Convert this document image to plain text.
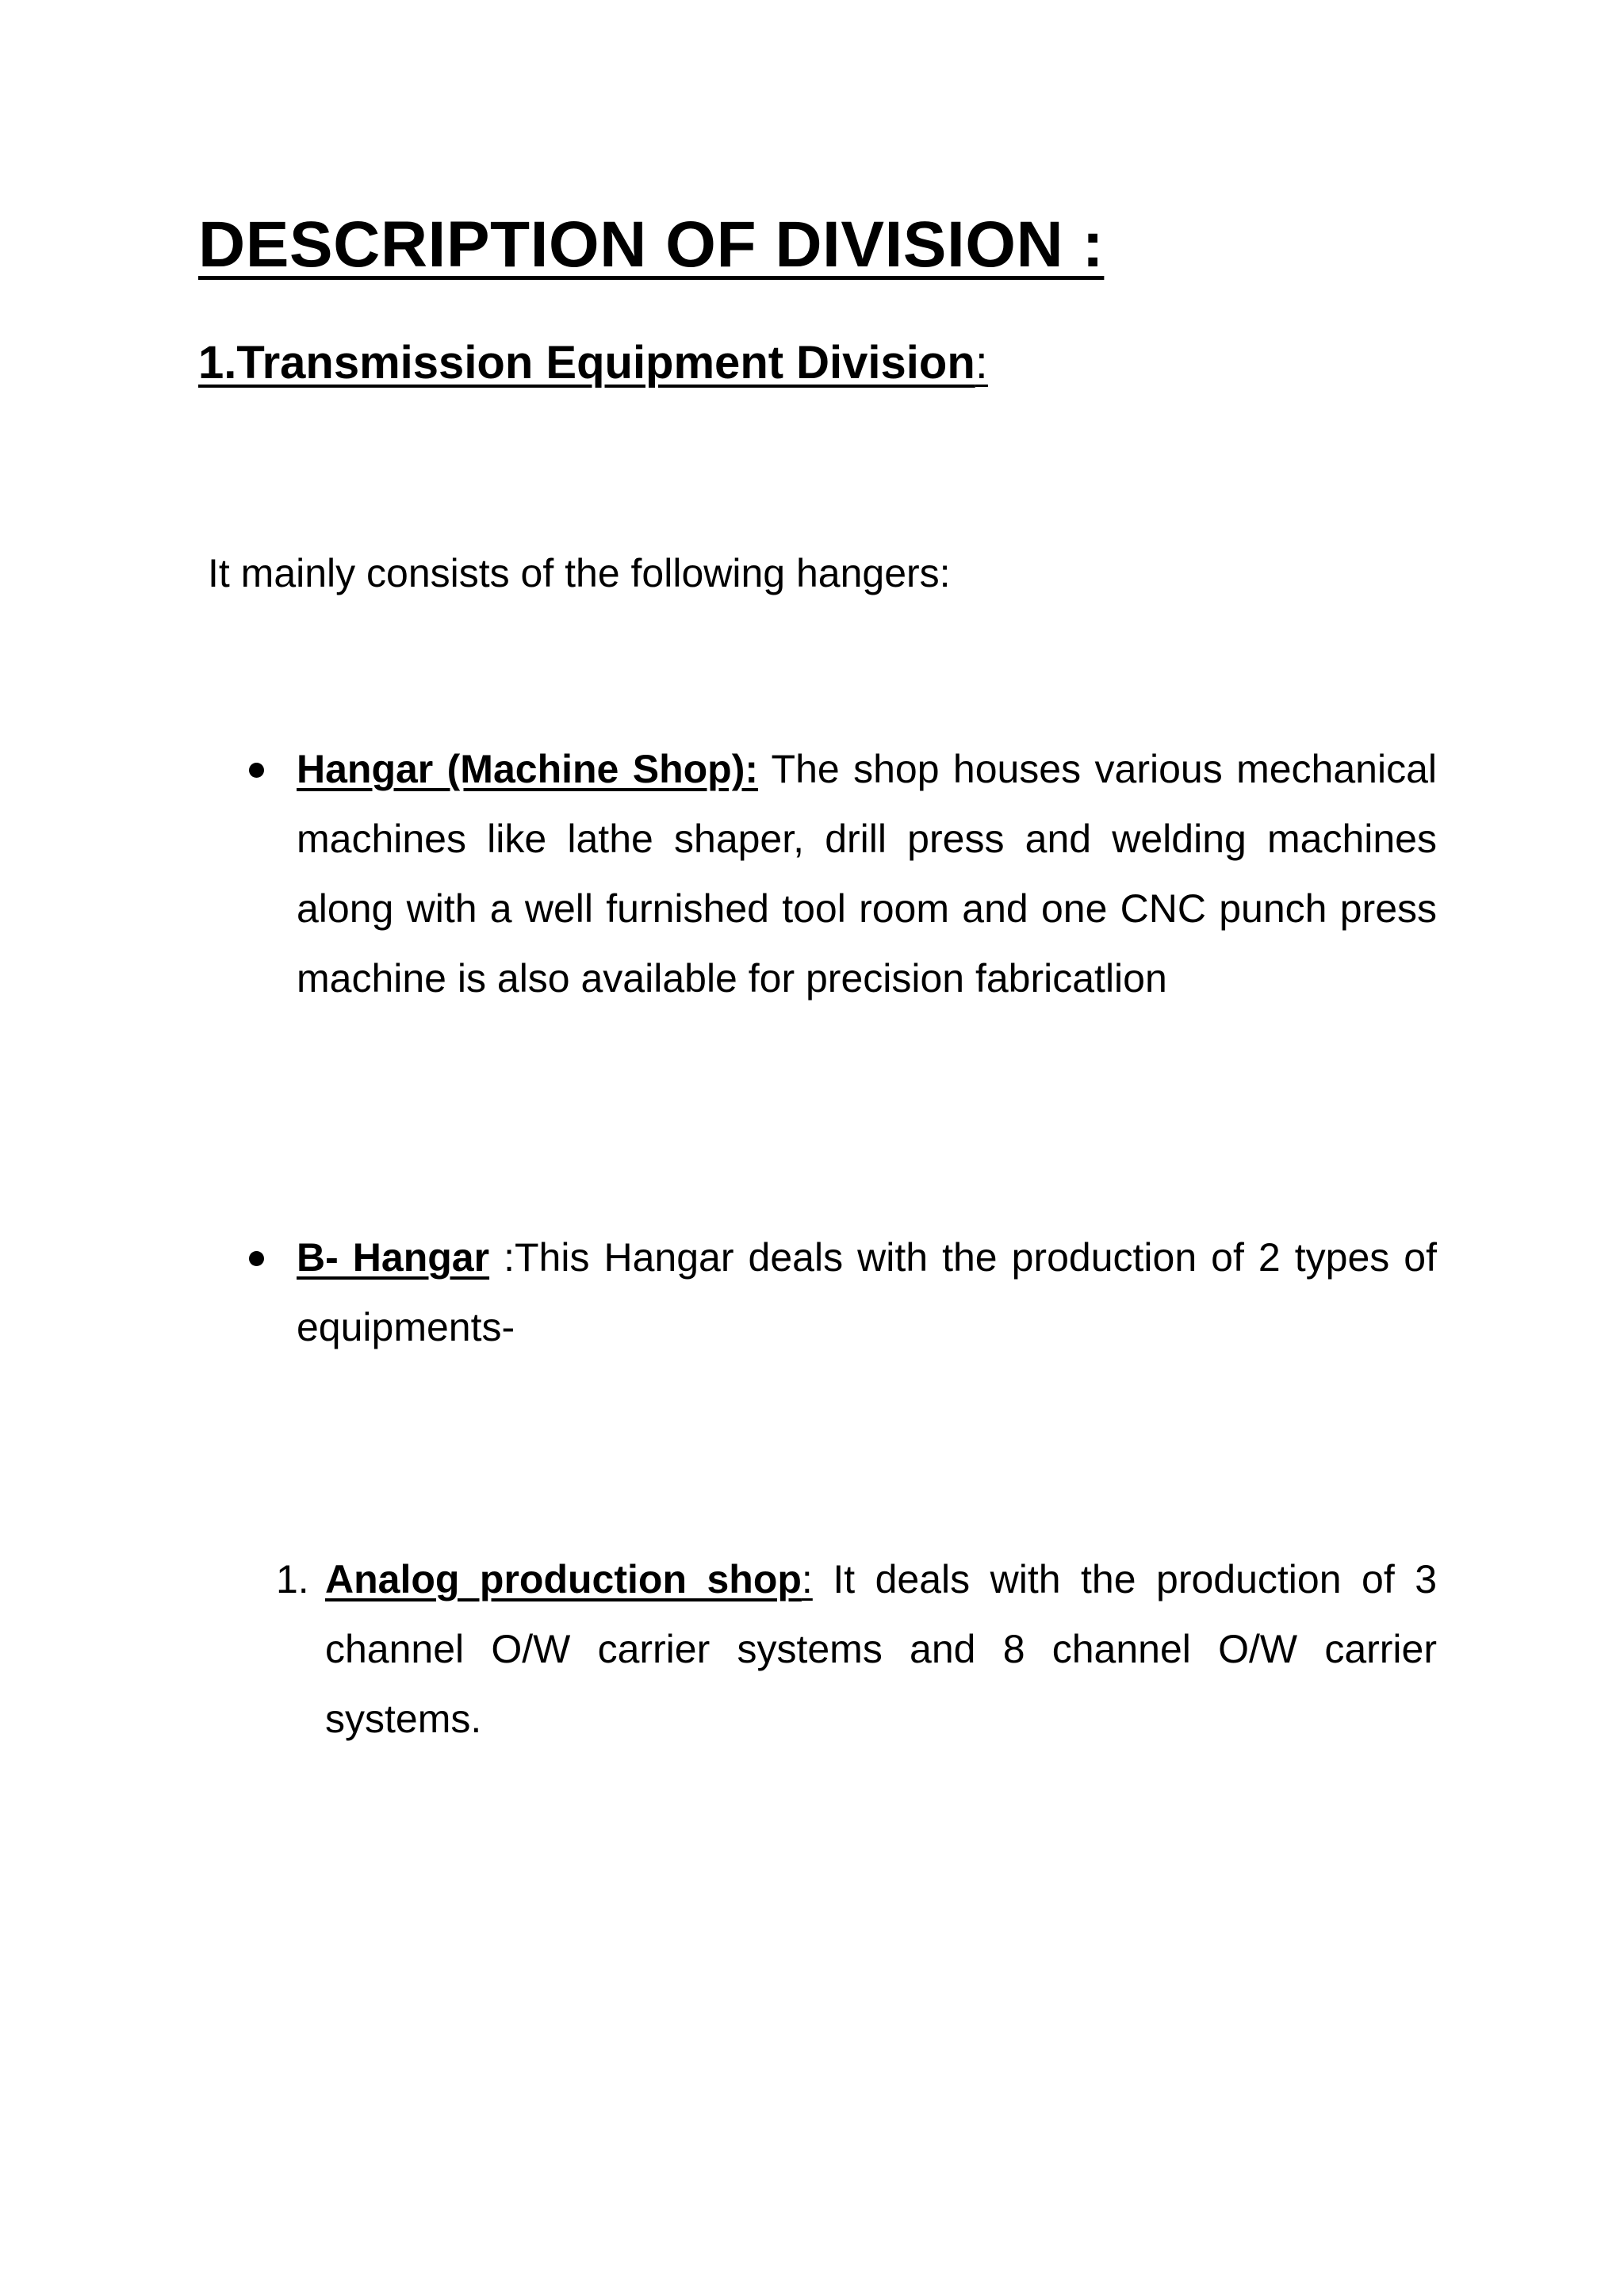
DESCRIPTION OF DIVISION :
1.Transmission Equipment Division:

It mainly consists of the following hangers:

Hangar (Machine Shop): The shop houses various mechanical machines like lathe shaper, drill press and welding machines along with a well furnished tool room and one CNC punch press machine is also available for precision fabricatlion

B- Hangar :This Hangar deals with the production of 2 types of equipments-

1. Analog production shop: It deals with the production of 3 channel O/W carrier systems and 8 channel O/W carrier systems.
